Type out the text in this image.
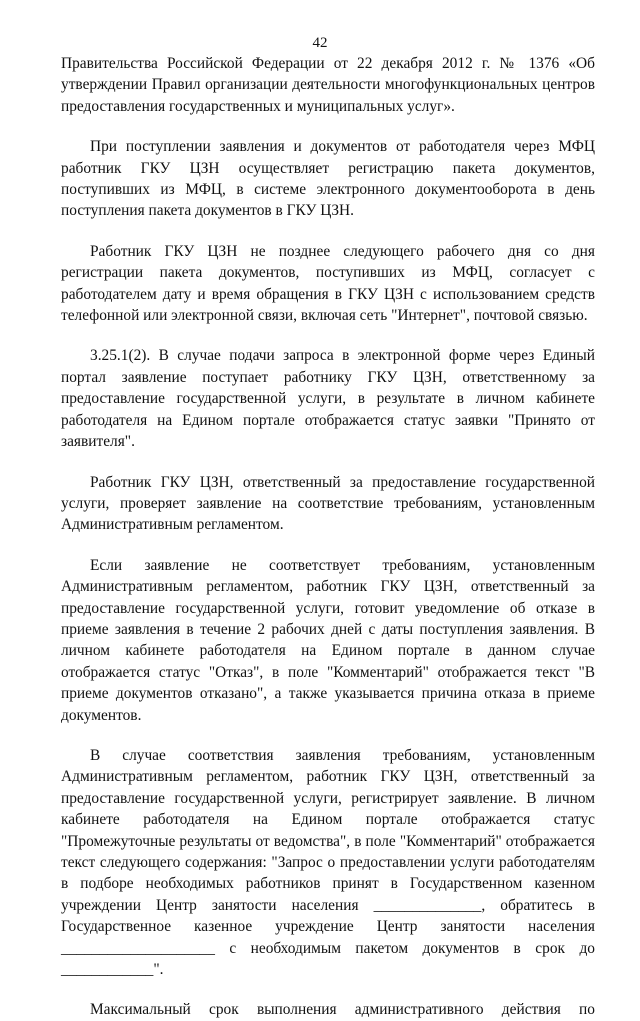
42

Правительства Российской Федерации от 22 декабря 2012 г. № 1376 «Об утверждении Правил организации деятельности многофункциональных центров предоставления государственных и муниципальных услуг».

При поступлении заявления и документов от работодателя через МФЦ работник ГКУ ЦЗН осуществляет регистрацию пакета документов, поступивших из МФЦ, в системе электронного документооборота в день поступления пакета документов в ГКУ ЦЗН.

Работник ГКУ ЦЗН не позднее следующего рабочего дня со дня регистрации пакета документов, поступивших из МФЦ, согласует с работодателем дату и время обращения в ГКУ ЦЗН с использованием средств телефонной или электронной связи, включая сеть "Интернет", почтовой связью.

3.25.1(2). В случае подачи запроса в электронной форме через Единый портал заявление поступает работнику ГКУ ЦЗН, ответственному за предоставление государственной услуги, в результате в личном кабинете работодателя на Едином портале отображается статус заявки "Принято от заявителя".

Работник ГКУ ЦЗН, ответственный за предоставление государственной услуги, проверяет заявление на соответствие требованиям, установленным Административным регламентом.

Если заявление не соответствует требованиям, установленным Административным регламентом, работник ГКУ ЦЗН, ответственный за предоставление государственной услуги, готовит уведомление об отказе в приеме заявления в течение 2 рабочих дней с даты поступления заявления. В личном кабинете работодателя на Едином портале в данном случае отображается статус "Отказ", в поле "Комментарий" отображается текст "В приеме документов отказано", а также указывается причина отказа в приеме документов.

В случае соответствия заявления требованиям, установленным Административным регламентом, работник ГКУ ЦЗН, ответственный за предоставление государственной услуги, регистрирует заявление. В личном кабинете работодателя на Едином портале отображается статус "Промежуточные результаты от ведомства", в поле "Комментарий" отображается текст следующего содержания: "Запрос о предоставлении услуги работодателям в подборе необходимых работников принят в Государственном казенном учреждении Центр занятости населения ______________, обратитесь в Государственное казенное учреждение Центр занятости населения ____________________ с необходимым пакетом документов в срок до ____________".

Максимальный срок выполнения административного действия по
